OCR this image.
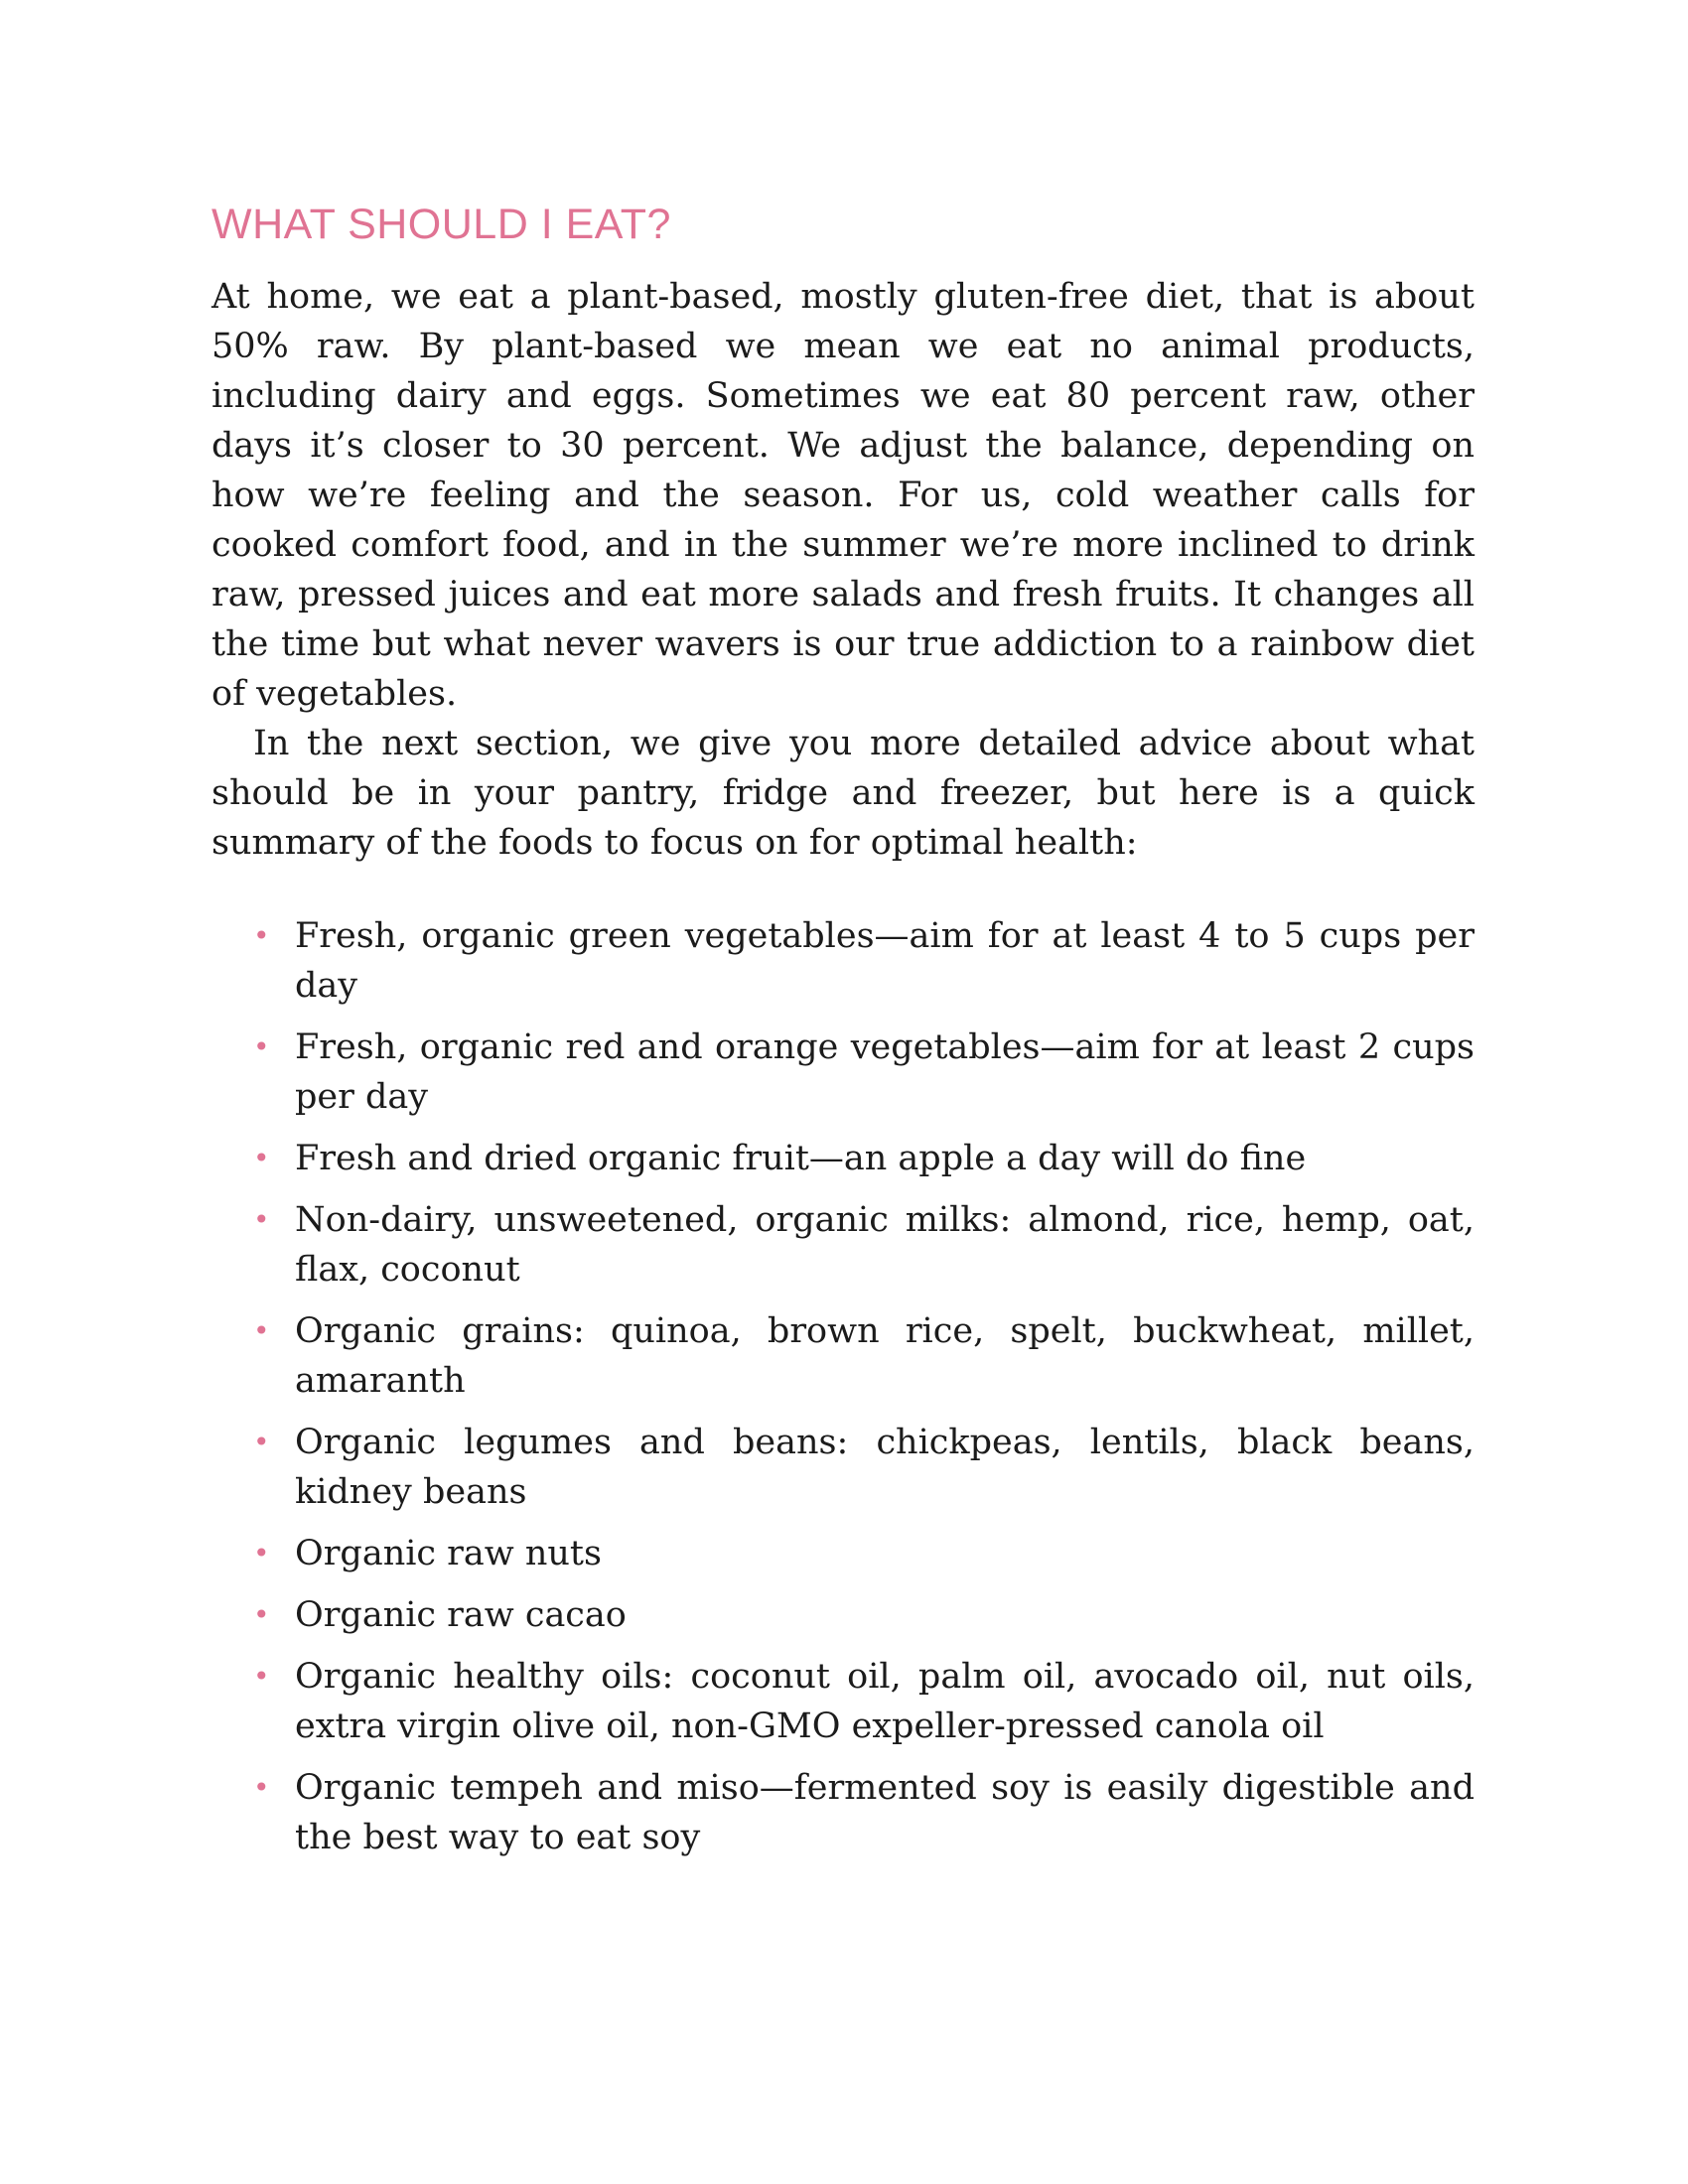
WHAT SHOULD I EAT?

At home, we eat a plant-based, mostly gluten-free diet, that is about 50% raw. By plant-based we mean we eat no animal products, including dairy and eggs. Sometimes we eat 80 percent raw, other days it’s closer to 30 percent. We adjust the balance, depending on how we’re feeling and the season. For us, cold weather calls for cooked comfort food, and in the summer we’re more inclined to drink raw, pressed juices and eat more salads and fresh fruits. It changes all the time but what never wavers is our true addiction to a rainbow diet of vegetables.

In the next section, we give you more detailed advice about what should be in your pantry, fridge and freezer, but here is a quick summary of the foods to focus on for optimal health:

• Fresh, organic green vegetables—aim for at least 4 to 5 cups per day
• Fresh, organic red and orange vegetables—aim for at least 2 cups per day
• Fresh and dried organic fruit—an apple a day will do fine
• Non-dairy, unsweetened, organic milks: almond, rice, hemp, oat, flax, coconut
• Organic grains: quinoa, brown rice, spelt, buckwheat, millet, amaranth
• Organic legumes and beans: chickpeas, lentils, black beans, kidney beans
• Organic raw nuts
• Organic raw cacao
• Organic healthy oils: coconut oil, palm oil, avocado oil, nut oils, extra virgin olive oil, non-GMO expeller-pressed canola oil
• Organic tempeh and miso—fermented soy is easily digestible and the best way to eat soy
